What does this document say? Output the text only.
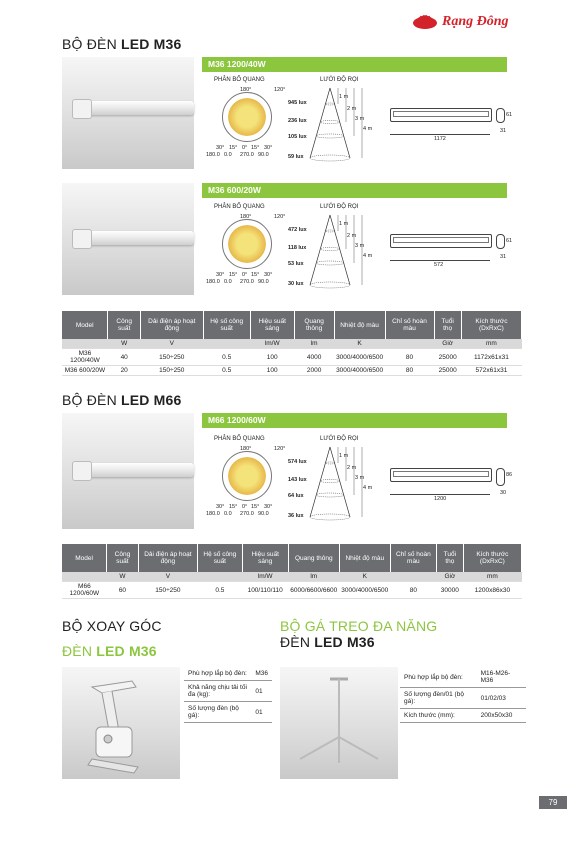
Rạng Đông
BỘ ĐÈN LED M36
M36 1200/40W
PHÂN BỐ QUANG	LƯỚI ĐỘ RỌI
180°	120°
30° 15° 0° 15° 30°
180.0 0.0 270.0 90.0
945 lux
236 lux
105 lux
59 lux
1 m
2 m
3 m
4 m
1172
61
31
M36 600/20W
PHÂN BỐ QUANG	LƯỚI ĐỘ RỌI
180°	120°
30° 15° 0° 15° 30°
180.0 0.0 270.0 90.0
472 lux
118 lux
53 lux
30 lux
1 m
2 m
3 m
4 m
572
61
31
Model	Công suất	Dải điện áp hoạt động	Hệ số công suất	Hiệu suất sáng	Quang thông	Nhiệt độ màu	Chỉ số hoàn màu	Tuổi thọ	Kích thước (DxRxC)
	W	V		lm/W	lm	K		Giờ	mm
M36 1200/40W	40	150÷250	0.5	100	4000	3000/4000/6500	80	25000	1172x61x31
M36 600/20W	20	150÷250	0.5	100	2000	3000/4000/6500	80	25000	572x61x31
BỘ ĐÈN LED M66
M66 1200/60W
PHÂN BỐ QUANG	LƯỚI ĐỘ RỌI
180°	120°
30° 15° 0° 15° 30°
180.0 0.0 270.0 90.0
574 lux
143 lux
64 lux
36 lux
1 m
2 m
3 m
4 m
1200
86
30
Model	Công suất	Dải điện áp hoạt động	Hệ số công suất	Hiệu suất sáng	Quang thông	Nhiệt độ màu	Chỉ số hoàn màu	Tuổi thọ	Kích thước (DxRxC)
	W	V		lm/W	lm	K		Giờ	mm
M66 1200/60W	60	150÷250	0.5	100/110/110	6000/6600/6600	3000/4000/6500	80	30000	1200x86x30
BỘ XOAY GÓC
ĐÈN LED M36
BỘ GÁ TREO ĐA NĂNG
ĐÈN LED M36
Phù hợp lắp bộ đèn:	M36
Khả năng chịu tải tối đa (kg):	01
Số lượng đèn (bộ gá):	01
Phù hợp lắp bộ đèn:	M16-M26-M36
Số lượng đèn/01 (bộ gá):	01/02/03
Kích thước (mm):	200x50x30
79
